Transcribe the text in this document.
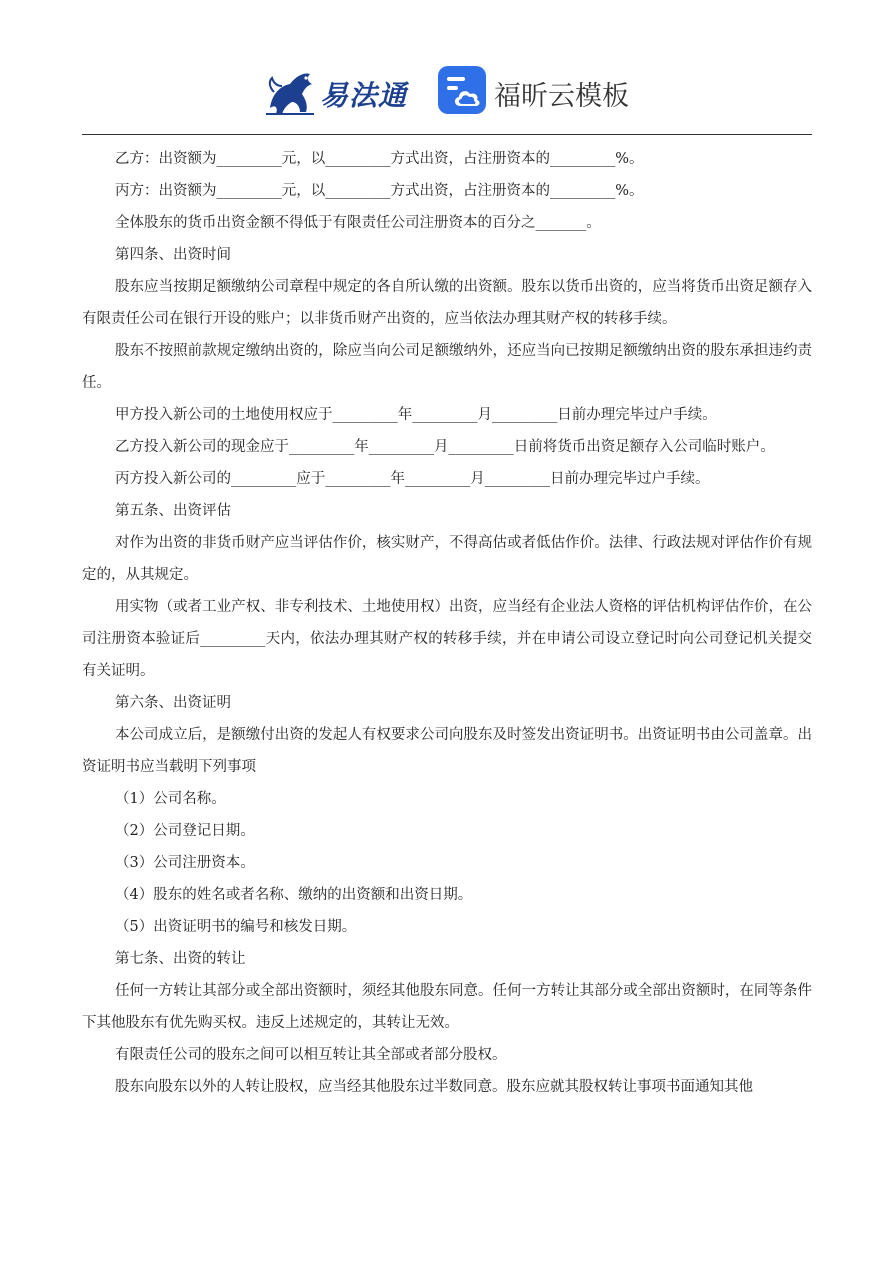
易法通	福昕云模板

乙方：出资额为_________元，以_________方式出资，占注册资本的_________%。

丙方：出资额为_________元，以_________方式出资，占注册资本的_________%。

全体股东的货币出资金额不得低于有限责任公司注册资本的百分之_______。

第四条、出资时间

股东应当按期足额缴纳公司章程中规定的各自所认缴的出资额。股东以货币出资的，应当将货币出资足额存入有限责任公司在银行开设的账户；以非货币财产出资的，应当依法办理其财产权的转移手续。

股东不按照前款规定缴纳出资的，除应当向公司足额缴纳外，还应当向已按期足额缴纳出资的股东承担违约责任。

甲方投入新公司的土地使用权应于_________年_________月_________日前办理完毕过户手续。

乙方投入新公司的现金应于_________年_________月_________日前将货币出资足额存入公司临时账户。

丙方投入新公司的_________应于_________年_________月_________日前办理完毕过户手续。

第五条、出资评估

对作为出资的非货币财产应当评估作价，核实财产，不得高估或者低估作价。法律、行政法规对评估作价有规定的，从其规定。

用实物（或者工业产权、非专利技术、土地使用权）出资，应当经有企业法人资格的评估机构评估作价，在公司注册资本验证后_________天内，依法办理其财产权的转移手续，并在申请公司设立登记时向公司登记机关提交有关证明。

第六条、出资证明

本公司成立后，是额缴付出资的发起人有权要求公司向股东及时签发出资证明书。出资证明书由公司盖章。出资证明书应当载明下列事项

（1）公司名称。

（2）公司登记日期。

（3）公司注册资本。

（4）股东的姓名或者名称、缴纳的出资额和出资日期。

（5）出资证明书的编号和核发日期。

第七条、出资的转让

任何一方转让其部分或全部出资额时，须经其他股东同意。任何一方转让其部分或全部出资额时，在同等条件下其他股东有优先购买权。违反上述规定的，其转让无效。

有限责任公司的股东之间可以相互转让其全部或者部分股权。

股东向股东以外的人转让股权，应当经其他股东过半数同意。股东应就其股权转让事项书面通知其他
